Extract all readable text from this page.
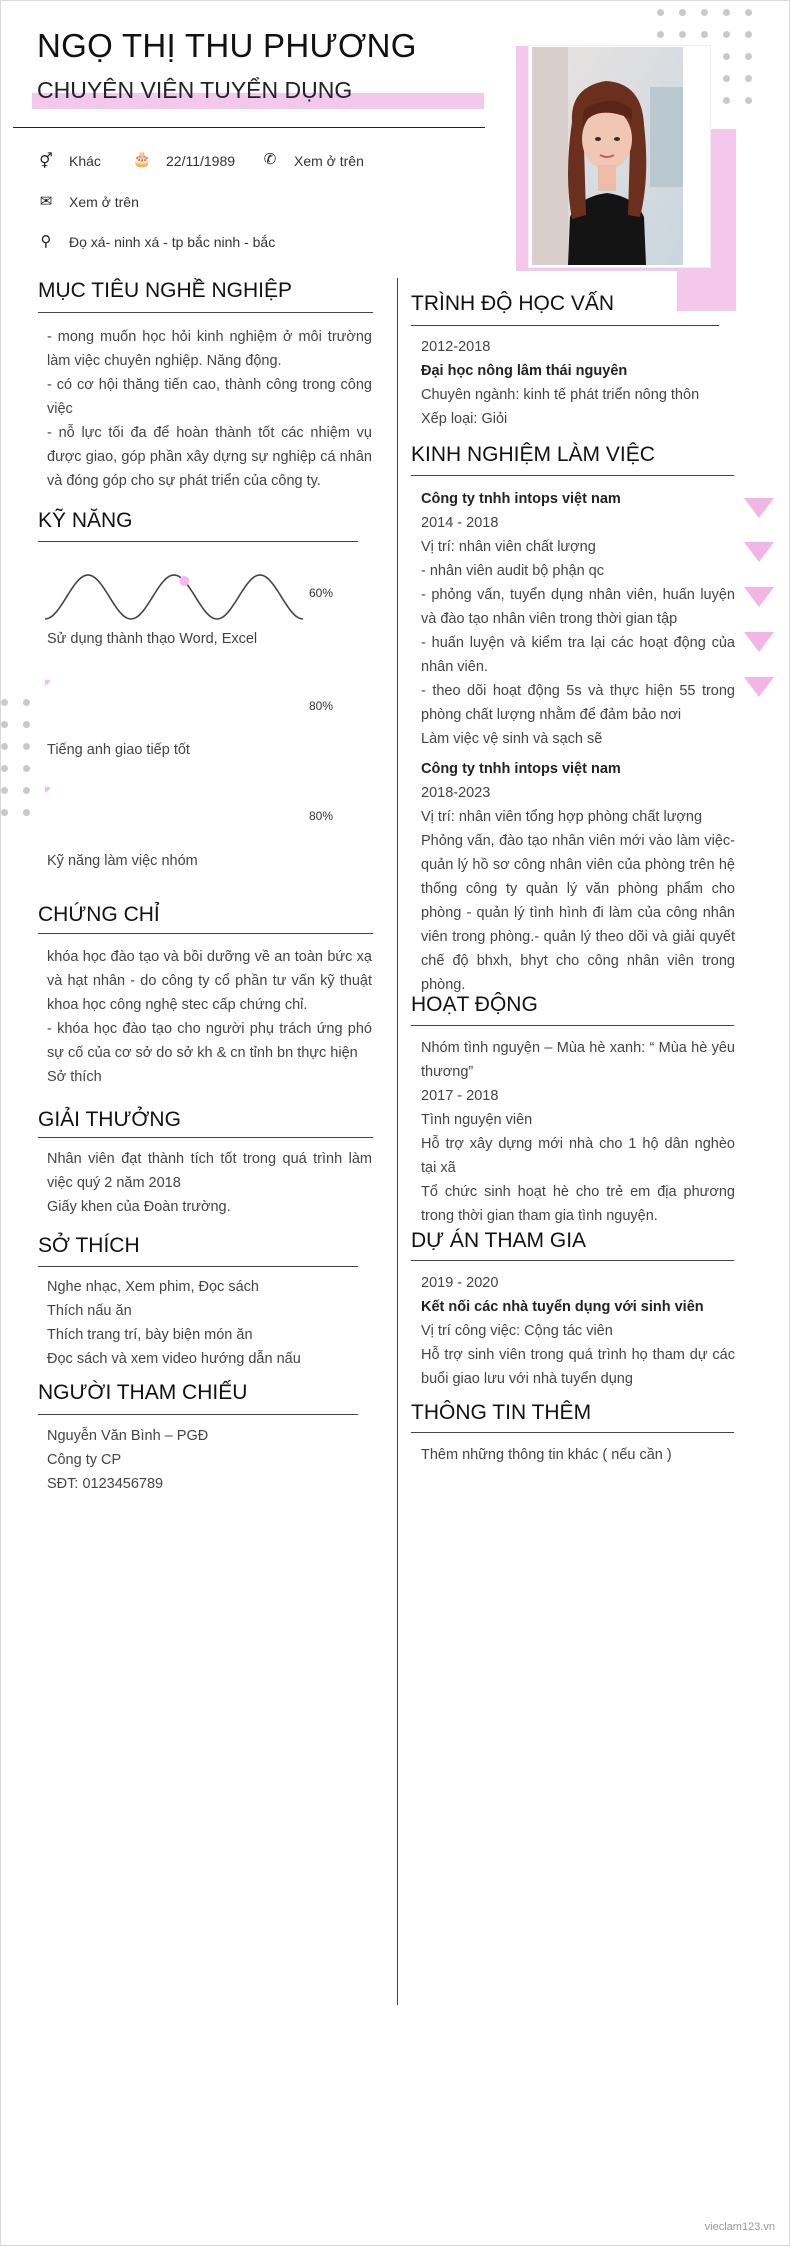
NGỌ THỊ THU PHƯƠNG
CHUYÊN VIÊN TUYỂN DỤNG
⚥ Khác 🎂 22/11/1989 ✆ Xem ở trên
✉ Xem ở trên
⚲ Đọ xá- ninh xá - tp bắc ninh - bắc
MỤC TIÊU NGHỀ NGHIỆP

- mong muốn học hỏi kinh nghiệm ở môi trường làm việc chuyên nghiệp. Năng động.

- có cơ hội thăng tiến cao, thành công trong công việc

- nỗ lực tối đa để hoàn thành tốt các nhiệm vụ được giao, góp phần xây dựng sự nghiệp cá nhân và đóng góp cho sự phát triển của công ty.

KỸ NĂNG
60%
Sử dụng thành thạo Word, Excel
80%
Tiếng anh giao tiếp tốt
80%
Kỹ năng làm việc nhóm
CHỨNG CHỈ

khóa học đào tạo và bồi dưỡng về an toàn bức xạ và hạt nhân - do công ty cổ phần tư vấn kỹ thuật khoa học công nghệ stec cấp chứng chỉ.

- khóa học đào tạo cho người phụ trách ứng phó sự cố của cơ sở do sở kh & cn tỉnh bn thực hiện

Sở thích

GIẢI THƯỞNG

Nhân viên đạt thành tích tốt trong quá trình làm việc quý 2 năm 2018

Giấy khen của Đoàn trường.

SỞ THÍCH

Nghe nhạc, Xem phim, Đọc sách

Thích nấu ăn

Thích trang trí, bày biện món ăn

Đọc sách và xem video hướng dẫn nấu

NGƯỜI THAM CHIẾU

Nguyễn Văn Bình – PGĐ

Công ty CP

SĐT: 0123456789

TRÌNH ĐỘ HỌC VẤN

2012-2018

Đại học nông lâm thái nguyên

Chuyên ngành: kinh tế phát triển nông thôn

Xếp loại: Giỏi

KINH NGHIỆM LÀM VIỆC

Công ty tnhh intops việt nam

2014 - 2018

Vị trí: nhân viên chất lượng

- nhân viên audit bộ phận qc

- phỏng vấn, tuyển dụng nhân viên, huấn luyện và đào tạo nhân viên trong thời gian tập

- huấn luyện và kiểm tra lại các hoạt động của nhân viên.

- theo dõi hoạt động 5s và thực hiện 55 trong phòng chất lượng nhằm để đảm bảo nơi

Làm việc vệ sinh và sạch sẽ

Công ty tnhh intops việt nam

2018-2023

Vị trí: nhân viên tổng hợp phòng chất lượng

Phỏng vấn, đào tạo nhân viên mới vào làm việc- quản lý hồ sơ công nhân viên của phòng trên hệ thống công ty quản lý văn phòng phẩm cho phòng - quản lý tình hình đi làm của công nhân viên trong phòng.- quản lý theo dõi và giải quyết chế độ bhxh, bhyt cho công nhân viên trong phòng.

HOẠT ĐỘNG

Nhóm tình nguyện – Mùa hè xanh: “ Mùa hè yêu thương”

2017 - 2018

Tình nguyện viên

Hỗ trợ xây dựng mới nhà cho 1 hộ dân nghèo tại xã

Tổ chức sinh hoạt hè cho trẻ em địa phương trong thời gian tham gia tình nguyện.

DỰ ÁN THAM GIA

2019 - 2020

Kết nối các nhà tuyển dụng với sinh viên

Vị trí công việc: Cộng tác viên

Hỗ trợ sinh viên trong quá trình họ tham dự các buổi giao lưu với nhà tuyển dụng

THÔNG TIN THÊM
Thêm những thông tin khác ( nếu cần )
vieclam123.vn
